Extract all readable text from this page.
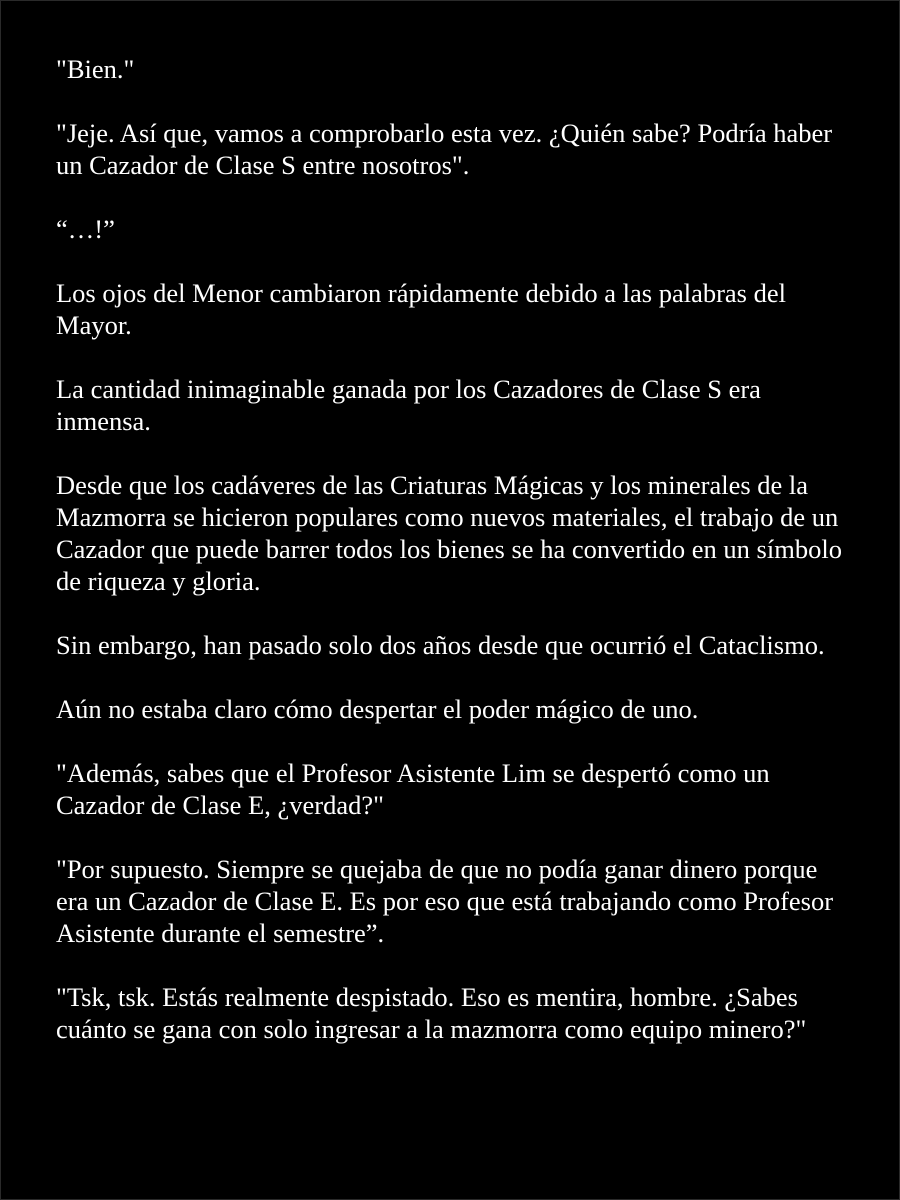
"Bien."

"Jeje. Así que, vamos a comprobarlo esta vez. ¿Quién sabe? Podría haber un Cazador de Clase S entre nosotros".

“…!”

Los ojos del Menor cambiaron rápidamente debido a las palabras del Mayor.

La cantidad inimaginable ganada por los Cazadores de Clase S era inmensa.

Desde que los cadáveres de las Criaturas Mágicas y los minerales de la Mazmorra se hicieron populares como nuevos materiales, el trabajo de un Cazador que puede barrer todos los bienes se ha convertido en un símbolo de riqueza y gloria.

Sin embargo, han pasado solo dos años desde que ocurrió el Cataclismo.

Aún no estaba claro cómo despertar el poder mágico de uno.

"Además, sabes que el Profesor Asistente Lim se despertó como un Cazador de Clase E, ¿verdad?"

"Por supuesto. Siempre se quejaba de que no podía ganar dinero porque era un Cazador de Clase E. Es por eso que está trabajando como Profesor Asistente durante el semestre”.

"Tsk, tsk. Estás realmente despistado. Eso es mentira, hombre. ¿Sabes cuánto se gana con solo ingresar a la mazmorra como equipo minero?"
